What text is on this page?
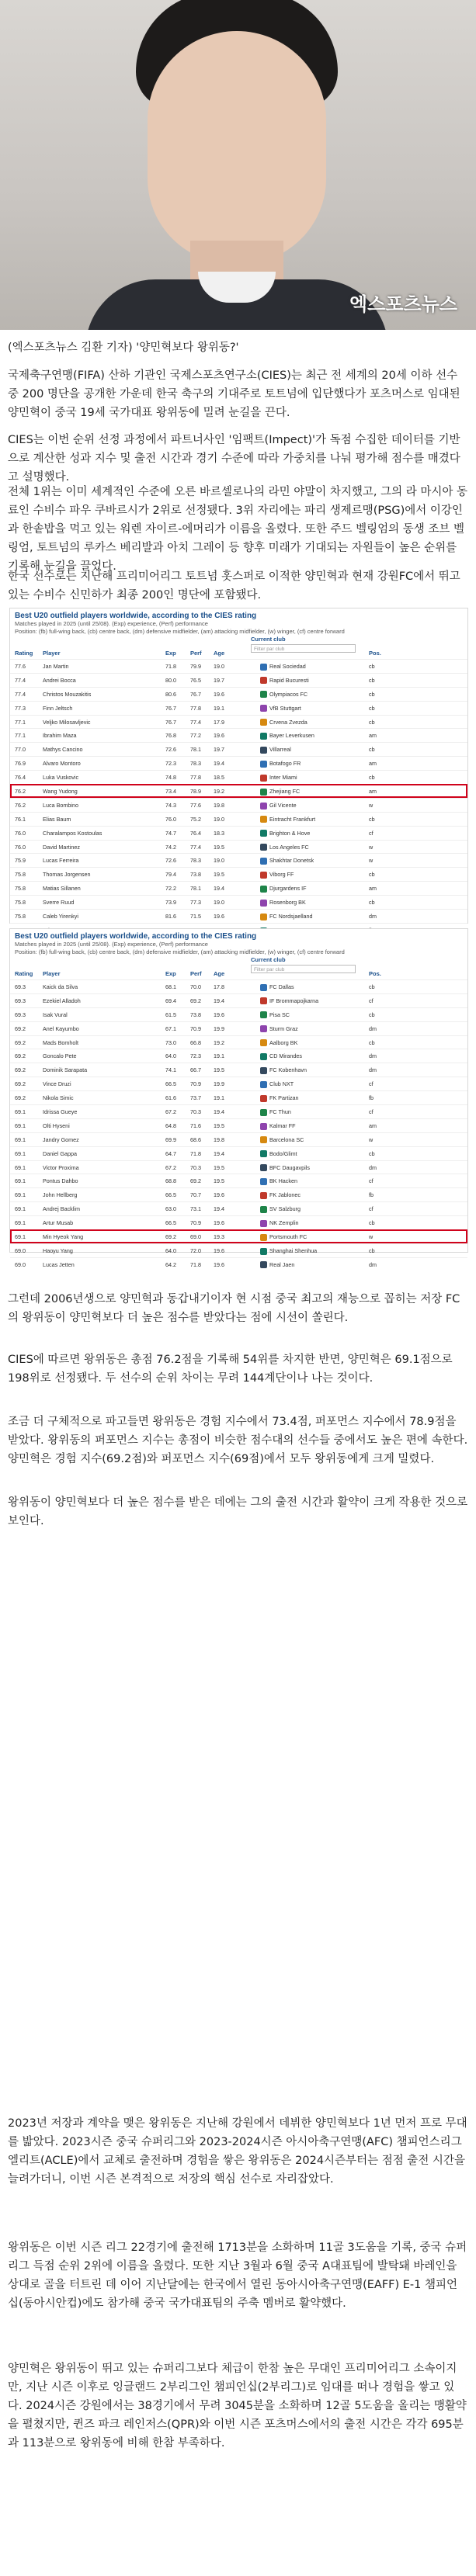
엑스포츠뉴스

(엑스포츠뉴스 김환 기자) '양민혁보다 왕위동?'

국제축구연맹(FIFA) 산하 기관인 국제스포츠연구소(CIES)는 최근 전 세계의 20세 이하 선수 중 200 명단을 공개한 가운데 한국 축구의 기대주로 토트넘에 입단했다가 포츠머스로 임대된 양민혁이 중국 19세 국가대표 왕위동에 밀려 눈길을 끈다.

CIES는 이번 순위 선정 과정에서 파트너사인 '임팩트(Impect)'가 독점 수집한 데이터를 기반으로 계산한 성과 지수 및 출전 시간과 경기 수준에 따라 가중치를 나눠 평가해 점수를 매겼다고 설명했다.

전체 1위는 이미 세계적인 수준에 오른 바르셀로나의 라민 야말이 차지했고, 그의 라 마시아 동료인 수비수 파우 쿠바르시가 2위로 선정됐다. 3위 자리에는 파리 생제르맹(PSG)에서 이강인과 한솥밥을 먹고 있는 워렌 자이르-에머리가 이름을 올렸다. 또한 주드 벨링엄의 동생 조브 벨링엄, 토트넘의 루카스 베리발과 아치 그레이 등 향후 미래가 기대되는 자원들이 높은 순위를 기록해 눈길을 끌었다.

한국 선수로는 지난해 프리미어리그 토트넘 홋스퍼로 이적한 양민혁과 현재 강원FC에서 뛰고 있는 수비수 신민하가 최종 200인 명단에 포함됐다.

Best U20 outfield players worldwide, according to the CIES rating
Matches played in 2025 (until 25/08). (Exp) experience, (Perf) performance
Position: (fb) full-wing back, (cb) centre back, (dm) defensive midfielder, (am) attacking midfielder, (w) winger, (cf) centre forward
Rating Player	Exp Perf Age
Current club
Filter par club
Pos.
77.6	Jan Martin	71.8	79.9 19.0	Real Sociedad	cb
77.4	Andrei Bocca	80.0	76.5 19.7	Rapid Bucuresti	cb
77.4	Christos Mouzakitis	80.6	76.7 19.6	Olympiacos FC	cb
77.3	Finn Jeltsch	76.7	77.8 19.1	VfB Stuttgart	cb
77.1	Veljko Milosavljevic	76.7	77.4 17.9	Crvena Zvezda	cb
77.1	Ibrahim Maza	76.8	77.2 19.6	Bayer Leverkusen	am
77.0	Mathys Cancino	72.6	78.1 19.7	Villarreal	cb
76.9	Alvaro Montoro	72.3	78.3 19.4	Botafogo FR	am
76.4	Luka Vuskovic	74.8	77.8 18.5	Inter Miami	cb
76.2	Wang Yudong	73.4	78.9 19.2	Zhejiang FC	am
76.2	Luca Bombino	74.3	77.6 19.8	Gil Vicente	w
76.1	Elias Baum	76.0	75.2 19.0	Eintracht Frankfurt	cb
76.0	Charalampos Kostoulas	74.7	76.4 18.3	Brighton & Hove	cf
76.0	David Martinez	74.2	77.4 19.5	Los Angeles FC	w
75.9	Lucas Ferreira	72.6	78.3 19.0	Shakhtar Donetsk	w
75.8	Thomas Jorgensen	79.4	73.8 19.5	Viborg FF	cb
75.8	Matias Sillanen	72.2	78.1 19.4	Djurgardens IF	am
75.8	Sverre Ruud	73.9	77.3 19.0	Rosenborg BK	cb
75.8	Caleb Yirenkyi	81.6	71.5 19.6	FC Nordsjaelland	dm
Best U20 outfield players worldwide, according to the CIES rating
Matches played in 2025 (until 25/08). (Exp) experience, (Perf) performance
Position: (fb) full-wing back, (cb) centre back, (dm) defensive midfielder, (am) attacking midfielder, (w) winger, (cf) centre forward
Rating Player	Exp Perf Age
Current club
Filter par club
Pos.
69.3	Kaick da Silva	68.1	70.0 17.8	FC Dallas	cb
69.3	Ezekiel Alladoh	69.4	69.2 19.4	IF Brommapojkarna	cf
69.3	Isak Vural	61.5	73.8 19.6	Pisa SC	cb
69.2	Anel Kayumbo	67.1	70.9 19.9	Sturm Graz	dm
69.2	Mads Bomholt	73.0	66.8 19.2	Aalborg BK	cb
69.2	Goncalo Pete	64.0	72.3 19.1	CD Mirandes	dm
69.2	Dominik Sarapata	74.1	66.7 19.5	FC Kobenhavn	dm
69.2	Vince Druzi	66.5	70.9 19.9	Club NXT	cf
69.2	Nikola Simic	61.6	73.7 19.1	FK Partizan	fb
69.1	Idrissa Gueye	67.2	70.3 19.4	FC Thun	cf
69.1	Olti Hyseni	64.8	71.6 19.5	Kalmar FF	am
69.1	Jandry Gomez	69.9	68.6 19.8	Barcelona SC	w
69.1	Daniel Gappa	64.7	71.8 19.4	Bodo/Glimt	cb
69.1	Victor Proxima	67.2	70.3 19.5	BFC Daugavpils	dm
69.1	Pontus Dahbo	68.8	69.2 19.5	BK Hacken	cf
69.1	John Hellberg	66.5	70.7 19.6	FK Jablonec	fb
69.1	Andrej Backlim	63.0	73.1 19.4	SV Salzburg	cf
69.1	Artur Musab	66.5	70.9 19.6	NK Zemplin	cb
69.1	Min Hyeok Yang	69.2	69.0 19.3	Portsmouth FC	w
69.0	Haoyu Yang	64.0	72.0 19.6	Shanghai Shenhua	cb
69.0	Lucas Jetten	64.2	71.8 19.6	Real Jaen	dm

그런데 2006년생으로 양민혁과 동갑내기이자 현 시점 중국 최고의 재능으로 꼽히는 저장 FC의 왕위동이 양민혁보다 더 높은 점수를 받았다는 점에 시선이 쏠린다.

CIES에 따르면 왕위동은 총점 76.2점을 기록해 54위를 차지한 반면, 양민혁은 69.1점으로 198위로 선정됐다. 두 선수의 순위 차이는 무려 144계단이나 나는 것이다.

조금 더 구체적으로 파고들면 왕위동은 경험 지수에서 73.4점, 퍼포먼스 지수에서 78.9점을 받았다. 왕위동의 퍼포먼스 지수는 총점이 비슷한 점수대의 선수들 중에서도 높은 편에 속한다. 양민혁은 경험 지수(69.2점)와 퍼포먼스 지수(69점)에서 모두 왕위동에게 크게 밀렸다.

왕위동이 양민혁보다 더 높은 점수를 받은 데에는 그의 출전 시간과 활약이 크게 작용한 것으로 보인다.

2023년 저장과 계약을 맺은 왕위동은 지난해 강원에서 데뷔한 양민혁보다 1년 먼저 프로 무대를 밟았다. 2023시즌 중국 슈퍼리그와 2023-2024시즌 아시아축구연맹(AFC) 챔피언스리그 엘리트(ACLE)에서 교체로 출전하며 경험을 쌓은 왕위동은 2024시즌부터는 점점 출전 시간을 늘려가더니, 이번 시즌 본격적으로 저장의 핵심 선수로 자리잡았다.

왕위동은 이번 시즌 리그 22경기에 출전해 1713분을 소화하며 11골 3도움을 기록, 중국 슈퍼리그 득점 순위 2위에 이름을 올렸다. 또한 지난 3월과 6월 중국 A대표팀에 발탁돼 바레인을 상대로 골을 터트린 데 이어 지난달에는 한국에서 열린 동아시아축구연맹(EAFF) E-1 챔피언십(동아시안컵)에도 참가해 중국 국가대표팀의 주축 멤버로 활약했다.

양민혁은 왕위동이 뛰고 있는 슈퍼리그보다 체급이 한참 높은 무대인 프리미어리그 소속이지만, 지난 시즌 이후로 잉글랜드 2부리그인 챔피언십(2부리그)로 임대를 떠나 경험을 쌓고 있다. 2024시즌 강원에서는 38경기에서 무려 3045분을 소화하며 12골 5도움을 올리는 맹활약을 펼쳤지만, 퀸즈 파크 레인저스(QPR)와 이번 시즌 포츠머스에서의 출전 시간은 각각 695분과 113분으로 왕위동에 비해 한참 부족하다.
